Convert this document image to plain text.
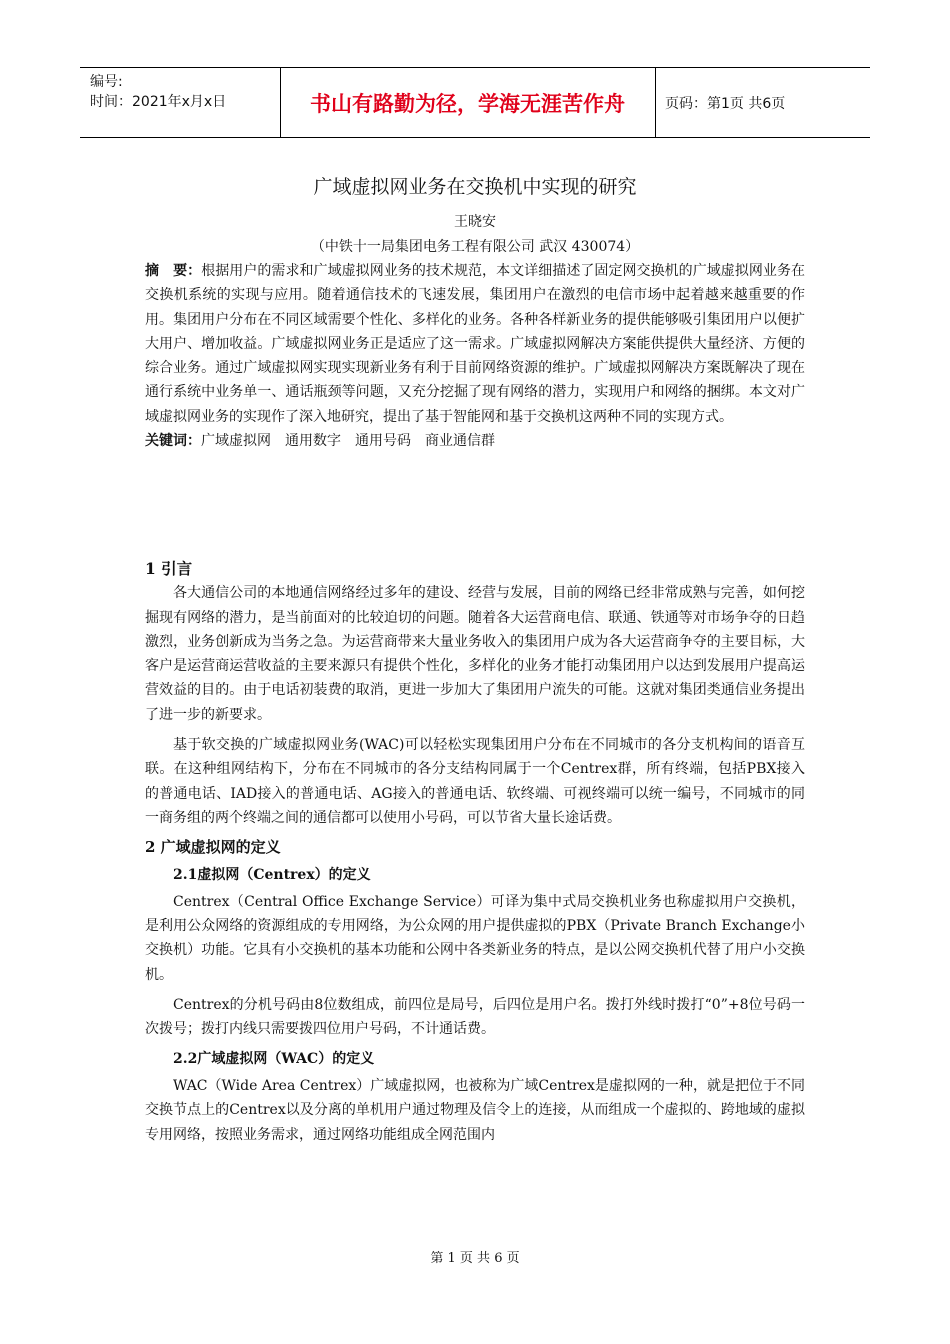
编号:
时间：2021年x月x日	书山有路勤为径，学海无涯苦作舟	页码：第1页 共6页
广域虚拟网业务在交换机中实现的研究
王晓安
（中铁十一局集团电务工程有限公司 武汉 430074）

摘　要：根据用户的需求和广域虚拟网业务的技术规范，本文详细描述了固定网交换机的广域虚拟网业务在交换机系统的实现与应用。随着通信技术的飞速发展，集团用户在激烈的电信市场中起着越来越重要的作用。集团用户分布在不同区域需要个性化、多样化的业务。各种各样新业务的提供能够吸引集团用户以便扩大用户、增加收益。广域虚拟网业务正是适应了这一需求。广域虚拟网解决方案能供提供大量经济、方便的综合业务。通过广域虚拟网实现实现新业务有利于目前网络资源的维护。广域虚拟网解决方案既解决了现在通行系统中业务单一、通话瓶颈等问题，又充分挖掘了现有网络的潜力，实现用户和网络的捆绑。本文对广域虚拟网业务的实现作了深入地研究，提出了基于智能网和基于交换机这两种不同的实现方式。

关键词：广域虚拟网　通用数字　通用号码　商业通信群

1 引言

各大通信公司的本地通信网络经过多年的建设、经营与发展，目前的网络已经非常成熟与完善，如何挖掘现有网络的潜力，是当前面对的比较迫切的问题。随着各大运营商电信、联通、铁通等对市场争夺的日趋激烈，业务创新成为当务之急。为运营商带来大量业务收入的集团用户成为各大运营商争夺的主要目标，大客户是运营商运营收益的主要来源只有提供个性化，多样化的业务才能打动集团用户以达到发展用户提高运营效益的目的。由于电话初装费的取消，更进一步加大了集团用户流失的可能。这就对集团类通信业务提出了进一步的新要求。

基于软交换的广域虚拟网业务(WAC)可以轻松实现集团用户分布在不同城市的各分支机构间的语音互联。在这种组网结构下，分布在不同城市的各分支结构同属于一个Centrex群，所有终端，包括PBX接入的普通电话、IAD接入的普通电话、AG接入的普通电话、软终端、可视终端可以统一编号，不同城市的同一商务组的两个终端之间的通信都可以使用小号码，可以节省大量长途话费。

2 广域虚拟网的定义

2.1虚拟网（Centrex）的定义

Centrex（Central Office Exchange Service）可译为集中式局交换机业务也称虚拟用户交换机，是利用公众网络的资源组成的专用网络，为公众网的用户提供虚拟的PBX（Private Branch Exchange小交换机）功能。它具有小交换机的基本功能和公网中各类新业务的特点，是以公网交换机代替了用户小交换机。

Centrex的分机号码由8位数组成，前四位是局号，后四位是用户名。拨打外线时拨打“0”+8位号码一次拨号；拨打内线只需要拨四位用户号码，不计通话费。

2.2广域虚拟网（WAC）的定义

WAC（Wide Area Centrex）广域虚拟网，也被称为广域Centrex是虚拟网的一种，就是把位于不同交换节点上的Centrex以及分离的单机用户通过物理及信令上的连接，从而组成一个虚拟的、跨地域的虚拟专用网络，按照业务需求，通过网络功能组成全网范围内

第 1 页 共 6 页
